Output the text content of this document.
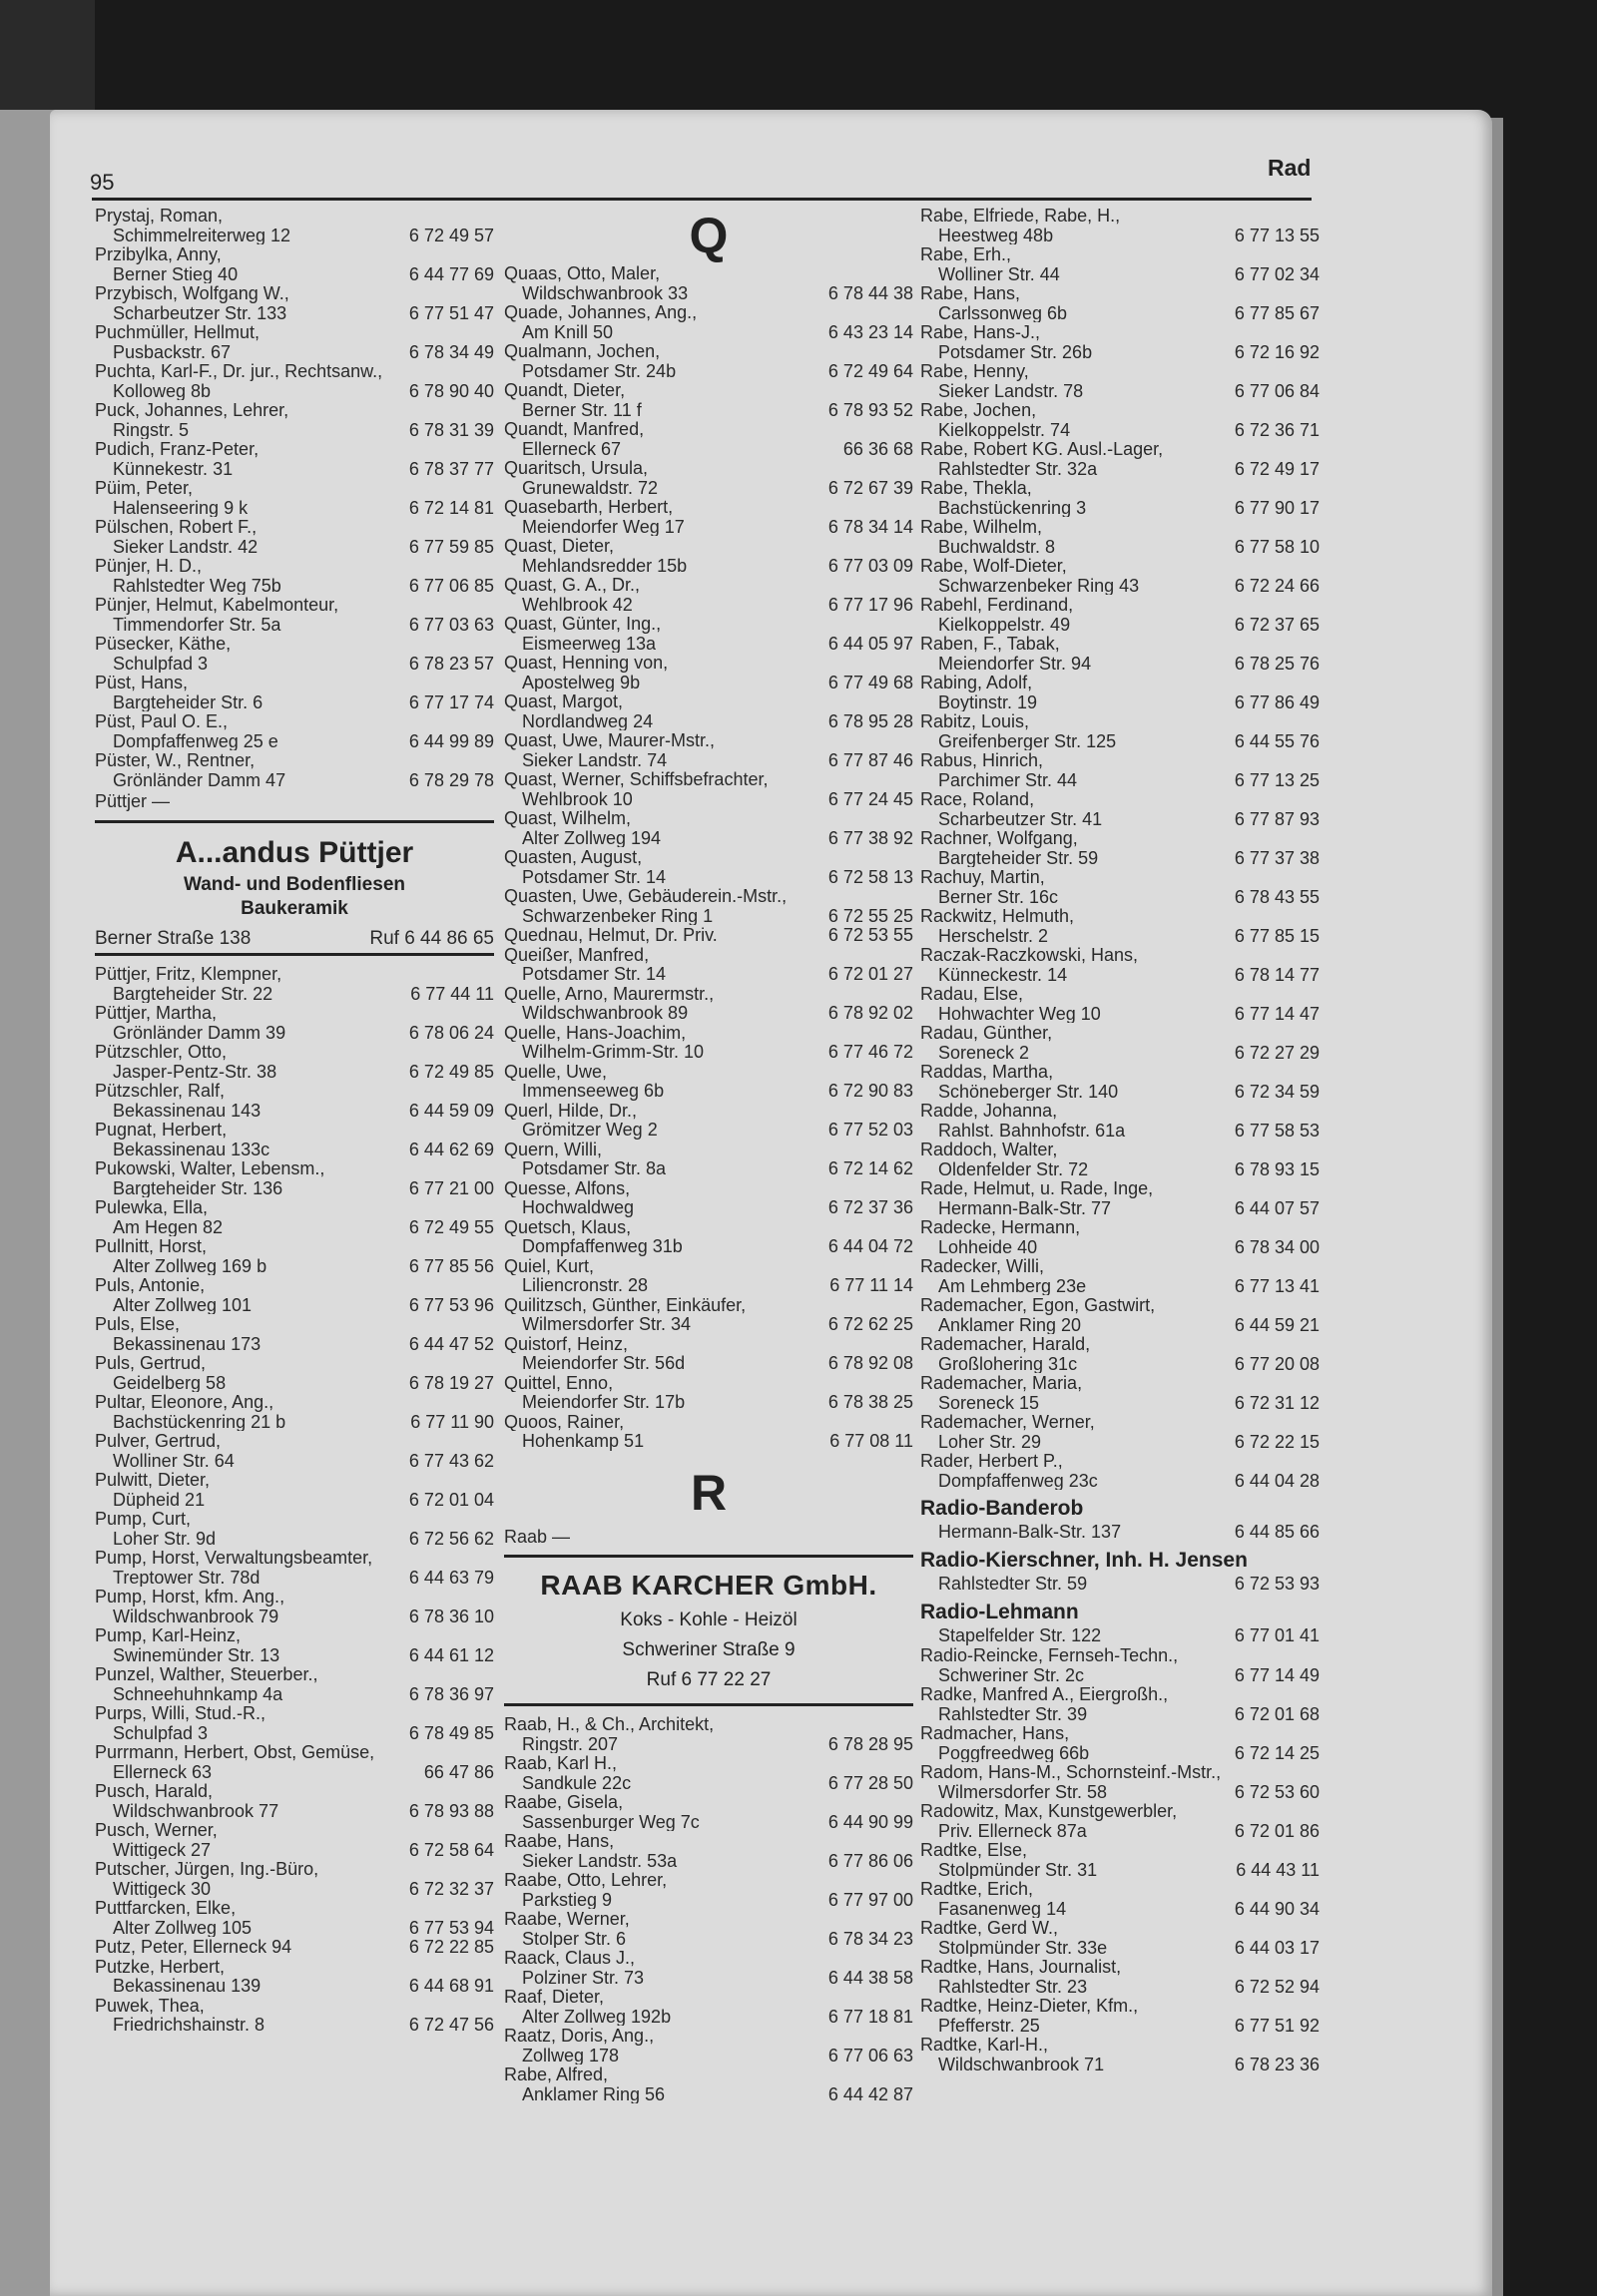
95
Rad
Prystaj, Roman,
Schimmelreiterweg 12	6 72 49 57
Przibylka, Anny,
Berner Stieg 40	6 44 77 69
Przybisch, Wolfgang W.,
Scharbeutzer Str. 133	6 77 51 47
Puchmüller, Hellmut,
Pusbackstr. 67	6 78 34 49
Puchta, Karl-F., Dr. jur., Rechtsanw.,
Kolloweg 8b	6 78 90 40
Puck, Johannes, Lehrer,
Ringstr. 5	6 78 31 39
Pudich, Franz-Peter,
Künnekestr. 31	6 78 37 77
Püim, Peter,
Halenseering 9 k	6 72 14 81
Pülschen, Robert F.,
Sieker Landstr. 42	6 77 59 85
Pünjer, H. D.,
Rahlstedter Weg 75b	6 77 06 85
Pünjer, Helmut, Kabelmonteur,
Timmendorfer Str. 5a	6 77 03 63
Püsecker, Käthe,
Schulpfad 3	6 78 23 57
Püst, Hans,
Bargteheider Str. 6	6 77 17 74
Püst, Paul O. E.,
Dompfaffenweg 25 e	6 44 99 89
Püster, W., Rentner,
Grönländer Damm 47	6 78 29 78
Püttjer —
A...andus Püttjer
Wand- und Bodenfliesen
Baukeramik
Berner Straße 138	Ruf 6 44 86 65
Püttjer, Fritz, Klempner,
Bargteheider Str. 22	6 77 44 11
Püttjer, Martha,
Grönländer Damm 39	6 78 06 24
Pützschler, Otto,
Jasper-Pentz-Str. 38	6 72 49 85
Pützschler, Ralf,
Bekassinenau 143	6 44 59 09
Pugnat, Herbert,
Bekassinenau 133c	6 44 62 69
Pukowski, Walter, Lebensm.,
Bargteheider Str. 136	6 77 21 00
Pulewka, Ella,
Am Hegen 82	6 72 49 55
Pullnitt, Horst,
Alter Zollweg 169 b	6 77 85 56
Puls, Antonie,
Alter Zollweg 101	6 77 53 96
Puls, Else,
Bekassinenau 173	6 44 47 52
Puls, Gertrud,
Geidelberg 58	6 78 19 27
Pultar, Eleonore, Ang.,
Bachstückenring 21 b	6 77 11 90
Pulver, Gertrud,
Wolliner Str. 64	6 77 43 62
Pulwitt, Dieter,
Düpheid 21	6 72 01 04
Pump, Curt,
Loher Str. 9d	6 72 56 62
Pump, Horst, Verwaltungsbeamter,
Treptower Str. 78d	6 44 63 79
Pump, Horst, kfm. Ang.,
Wildschwanbrook 79	6 78 36 10
Pump, Karl-Heinz,
Swinemünder Str. 13	6 44 61 12
Punzel, Walther, Steuerber.,
Schneehuhnkamp 4a	6 78 36 97
Purps, Willi, Stud.-R.,
Schulpfad 3	6 78 49 85
Purrmann, Herbert, Obst, Gemüse,
Ellerneck 63	66 47 86
Pusch, Harald,
Wildschwanbrook 77	6 78 93 88
Pusch, Werner,
Wittigeck 27	6 72 58 64
Putscher, Jürgen, Ing.-Büro,
Wittigeck 30	6 72 32 37
Puttfarcken, Elke,
Alter Zollweg 105	6 77 53 94
Putz, Peter, Ellerneck 94	6 72 22 85
Putzke, Herbert,
Bekassinenau 139	6 44 68 91
Puwek, Thea,
Friedrichshainstr. 8	6 72 47 56
Q
Quaas, Otto, Maler,
Wildschwanbrook 33	6 78 44 38
Quade, Johannes, Ang.,
Am Knill 50	6 43 23 14
Qualmann, Jochen,
Potsdamer Str. 24b	6 72 49 64
Quandt, Dieter,
Berner Str. 11 f	6 78 93 52
Quandt, Manfred,
Ellerneck 67	66 36 68
Quaritsch, Ursula,
Grunewaldstr. 72	6 72 67 39
Quasebarth, Herbert,
Meiendorfer Weg 17	6 78 34 14
Quast, Dieter,
Mehlandsredder 15b	6 77 03 09
Quast, G. A., Dr.,
Wehlbrook 42	6 77 17 96
Quast, Günter, Ing.,
Eismeerweg 13a	6 44 05 97
Quast, Henning von,
Apostelweg 9b	6 77 49 68
Quast, Margot,
Nordlandweg 24	6 78 95 28
Quast, Uwe, Maurer-Mstr.,
Sieker Landstr. 74	6 77 87 46
Quast, Werner, Schiffsbefrachter,
Wehlbrook 10	6 77 24 45
Quast, Wilhelm,
Alter Zollweg 194	6 77 38 92
Quasten, August,
Potsdamer Str. 14	6 72 58 13
Quasten, Uwe, Gebäuderein.-Mstr.,
Schwarzenbeker Ring 1	6 72 55 25
Quednau, Helmut, Dr. Priv.	6 72 53 55
Queißer, Manfred,
Potsdamer Str. 14	6 72 01 27
Quelle, Arno, Maurermstr.,
Wildschwanbrook 89	6 78 92 02
Quelle, Hans-Joachim,
Wilhelm-Grimm-Str. 10	6 77 46 72
Quelle, Uwe,
Immenseeweg 6b	6 72 90 83
Querl, Hilde, Dr.,
Grömitzer Weg 2	6 77 52 03
Quern, Willi,
Potsdamer Str. 8a	6 72 14 62
Quesse, Alfons,
Hochwaldweg	6 72 37 36
Quetsch, Klaus,
Dompfaffenweg 31b	6 44 04 72
Quiel, Kurt,
Liliencronstr. 28	6 77 11 14
Quilitzsch, Günther, Einkäufer,
Wilmersdorfer Str. 34	6 72 62 25
Quistorf, Heinz,
Meiendorfer Str. 56d	6 78 92 08
Quittel, Enno,
Meiendorfer Str. 17b	6 78 38 25
Quoos, Rainer,
Hohenkamp 51	6 77 08 11
R
Raab —
RAAB KARCHER GmbH.
Koks - Kohle - Heizöl
Schweriner Straße 9
Ruf 6 77 22 27
Raab, H., & Ch., Architekt,
Ringstr. 207	6 78 28 95
Raab, Karl H.,
Sandkule 22c	6 77 28 50
Raabe, Gisela,
Sassenburger Weg 7c	6 44 90 99
Raabe, Hans,
Sieker Landstr. 53a	6 77 86 06
Raabe, Otto, Lehrer,
Parkstieg 9	6 77 97 00
Raabe, Werner,
Stolper Str. 6	6 78 34 23
Raack, Claus J.,
Polziner Str. 73	6 44 38 58
Raaf, Dieter,
Alter Zollweg 192b	6 77 18 81
Raatz, Doris, Ang.,
Zollweg 178	6 77 06 63
Rabe, Alfred,
Anklamer Ring 56	6 44 42 87
Rabe, Elfriede, Rabe, H.,
Heestweg 48b	6 77 13 55
Rabe, Erh.,
Wolliner Str. 44	6 77 02 34
Rabe, Hans,
Carlssonweg 6b	6 77 85 67
Rabe, Hans-J.,
Potsdamer Str. 26b	6 72 16 92
Rabe, Henny,
Sieker Landstr. 78	6 77 06 84
Rabe, Jochen,
Kielkoppelstr. 74	6 72 36 71
Rabe, Robert KG. Ausl.-Lager,
Rahlstedter Str. 32a	6 72 49 17
Rabe, Thekla,
Bachstückenring 3	6 77 90 17
Rabe, Wilhelm,
Buchwaldstr. 8	6 77 58 10
Rabe, Wolf-Dieter,
Schwarzenbeker Ring 43	6 72 24 66
Rabehl, Ferdinand,
Kielkoppelstr. 49	6 72 37 65
Raben, F., Tabak,
Meiendorfer Str. 94	6 78 25 76
Rabing, Adolf,
Boytinstr. 19	6 77 86 49
Rabitz, Louis,
Greifenberger Str. 125	6 44 55 76
Rabus, Hinrich,
Parchimer Str. 44	6 77 13 25
Race, Roland,
Scharbeutzer Str. 41	6 77 87 93
Rachner, Wolfgang,
Bargteheider Str. 59	6 77 37 38
Rachuy, Martin,
Berner Str. 16c	6 78 43 55
Rackwitz, Helmuth,
Herschelstr. 2	6 77 85 15
Raczak-Raczkowski, Hans,
Künneckestr. 14	6 78 14 77
Radau, Else,
Hohwachter Weg 10	6 77 14 47
Radau, Günther,
Soreneck 2	6 72 27 29
Raddas, Martha,
Schöneberger Str. 140	6 72 34 59
Radde, Johanna,
Rahlst. Bahnhofstr. 61a	6 77 58 53
Raddoch, Walter,
Oldenfelder Str. 72	6 78 93 15
Rade, Helmut, u. Rade, Inge,
Hermann-Balk-Str. 77	6 44 07 57
Radecke, Hermann,
Lohheide 40	6 78 34 00
Radecker, Willi,
Am Lehmberg 23e	6 77 13 41
Rademacher, Egon, Gastwirt,
Anklamer Ring 20	6 44 59 21
Rademacher, Harald,
Großlohering 31c	6 77 20 08
Rademacher, Maria,
Soreneck 15	6 72 31 12
Rademacher, Werner,
Loher Str. 29	6 72 22 15
Rader, Herbert P.,
Dompfaffenweg 23c	6 44 04 28
Radio-Banderob
Hermann-Balk-Str. 137	6 44 85 66
Radio-Kierschner, Inh. H. Jensen
Rahlstedter Str. 59	6 72 53 93
Radio-Lehmann
Stapelfelder Str. 122	6 77 01 41
Radio-Reincke, Fernseh-Techn.,
Schweriner Str. 2c	6 77 14 49
Radke, Manfred A., Eiergroßh.,
Rahlstedter Str. 39	6 72 01 68
Radmacher, Hans,
Poggfreedweg 66b	6 72 14 25
Radom, Hans-M., Schornsteinf.-Mstr.,
Wilmersdorfer Str. 58	6 72 53 60
Radowitz, Max, Kunstgewerbler,
Priv. Ellerneck 87a	6 72 01 86
Radtke, Else,
Stolpmünder Str. 31	6 44 43 11
Radtke, Erich,
Fasanenweg 14	6 44 90 34
Radtke, Gerd W.,
Stolpmünder Str. 33e	6 44 03 17
Radtke, Hans, Journalist,
Rahlstedter Str. 23	6 72 52 94
Radtke, Heinz-Dieter, Kfm.,
Pfefferstr. 25	6 77 51 92
Radtke, Karl-H.,
Wildschwanbrook 71	6 78 23 36
